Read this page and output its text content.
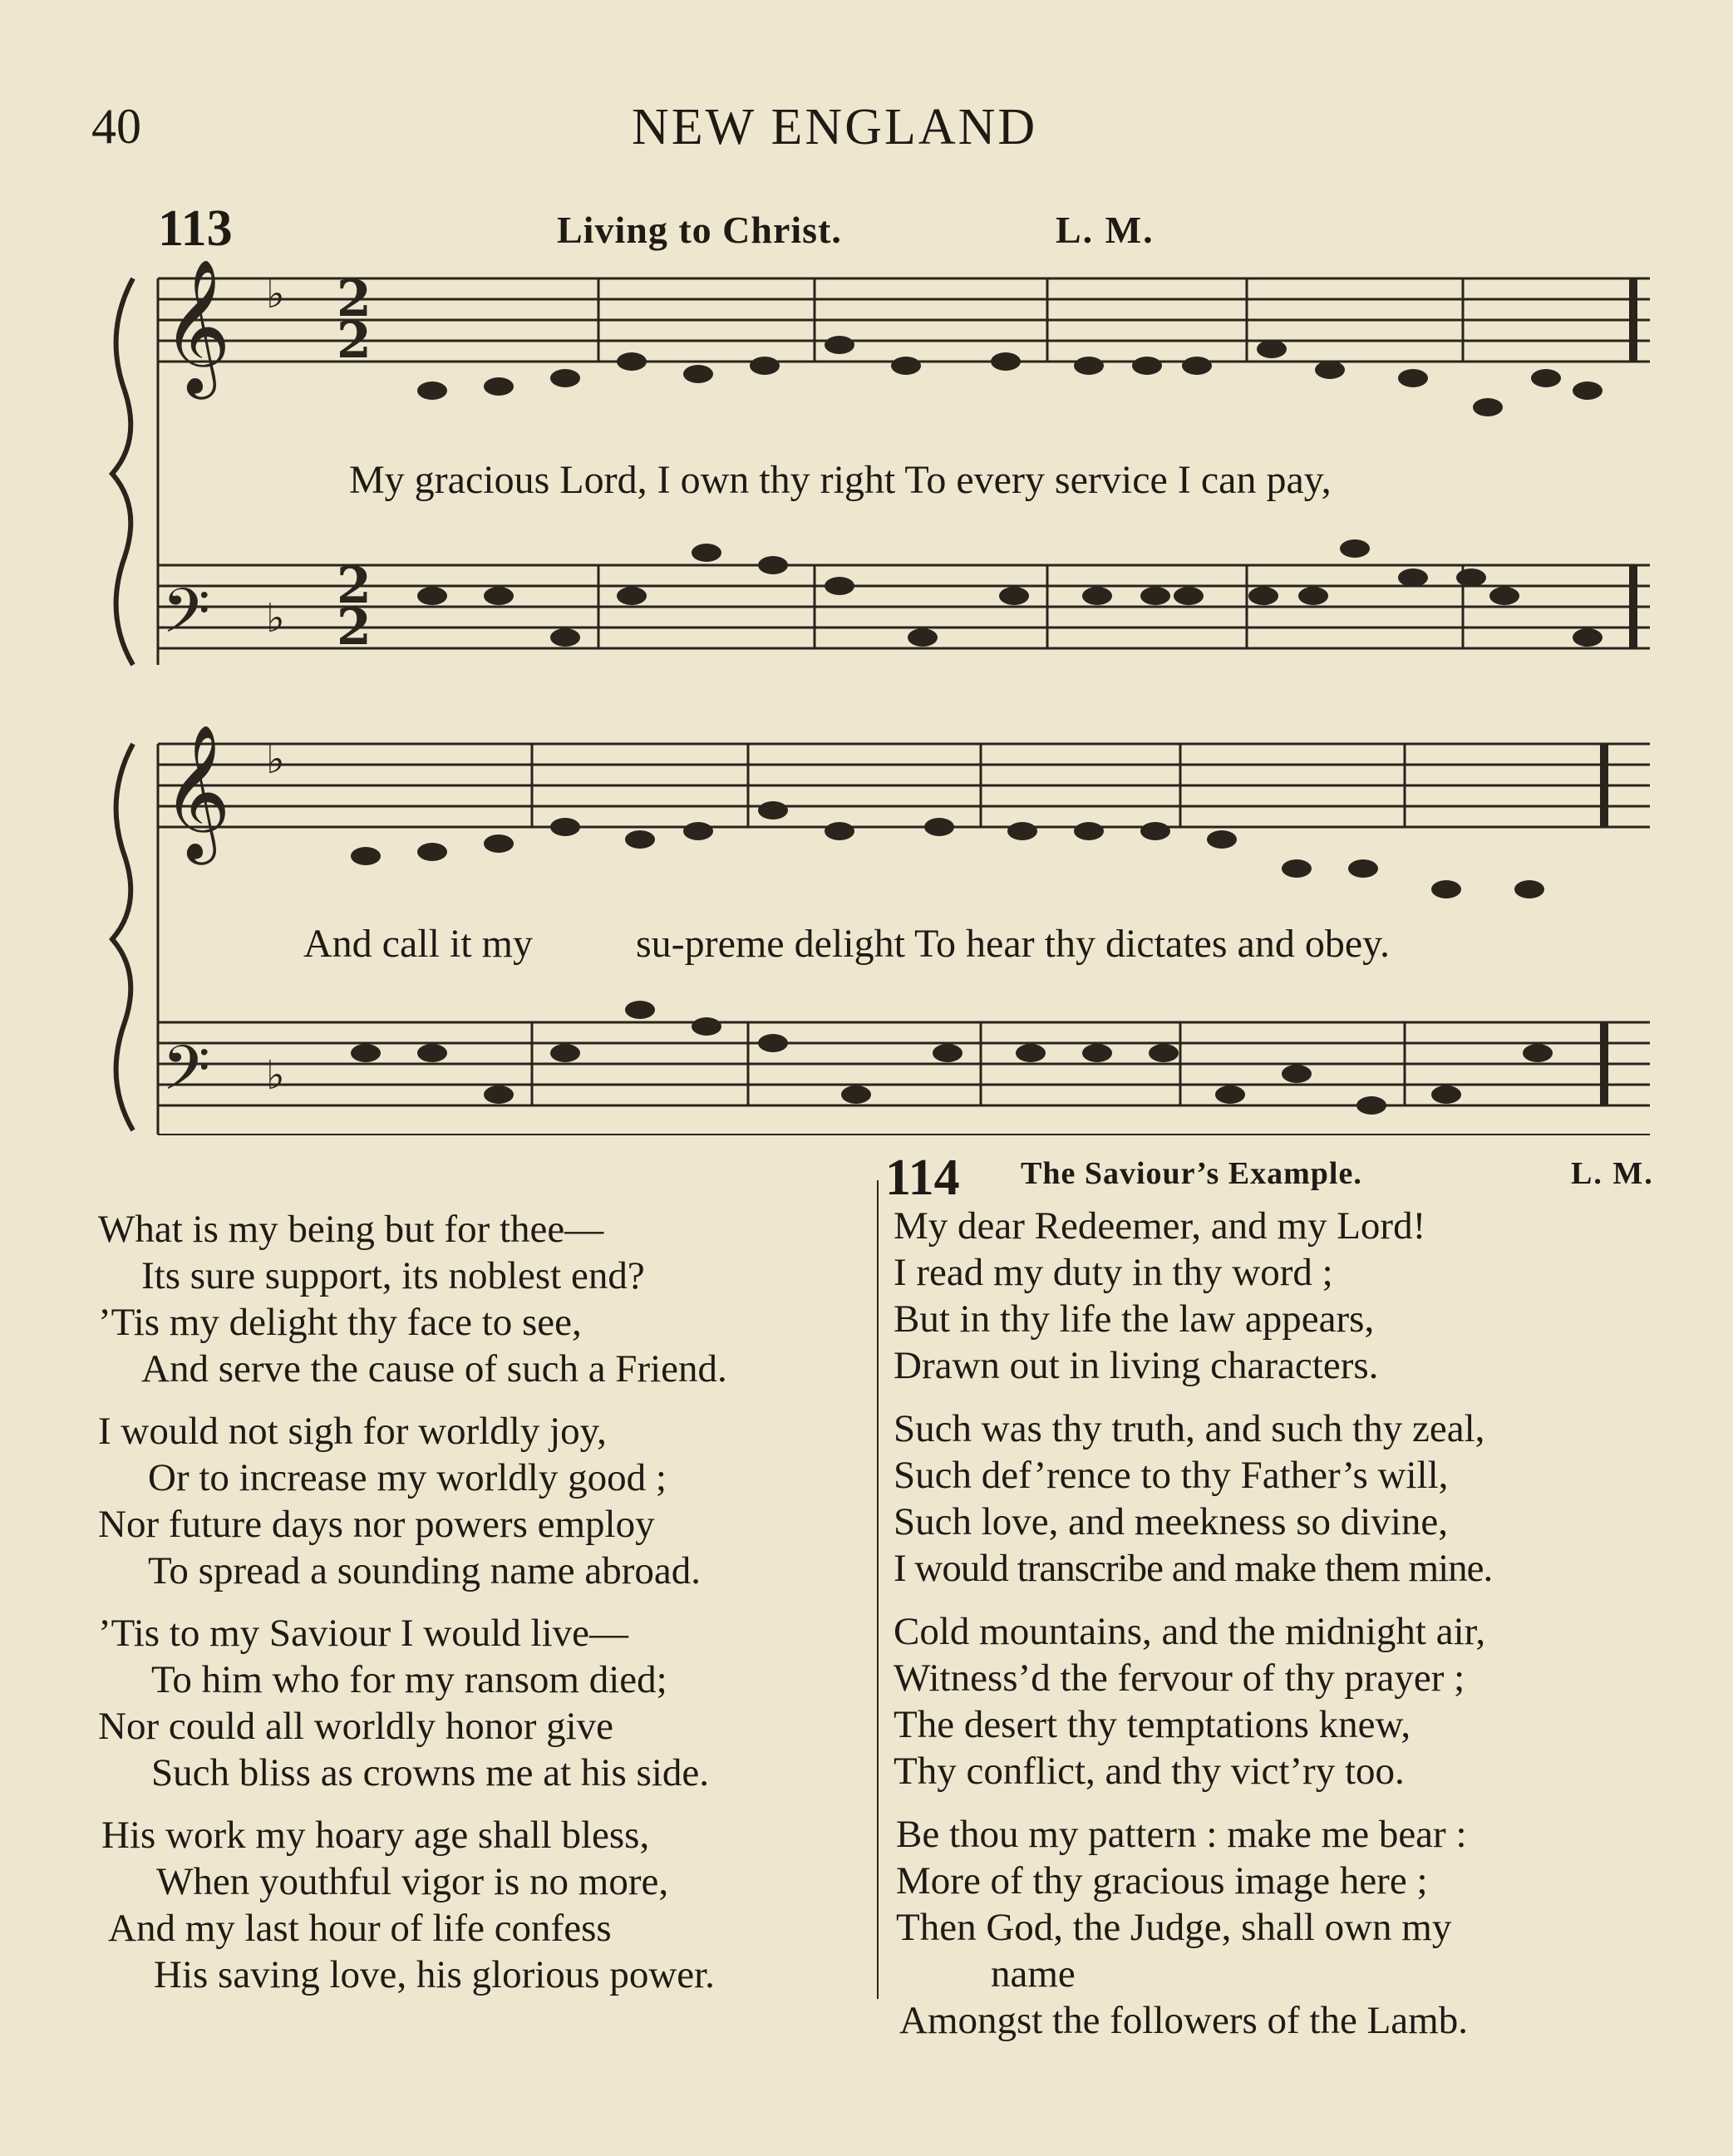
40	NEW ENGLAND
113	Living to Christ.	L. M.
𝄞
𝄢
𝄞
𝄢
♭
♭
♭
♭
2
2
2
2
My gracious Lord, I own thy right To every service I can pay,
And call it my	su-preme delight To hear thy dictates and obey.
114 The Saviour’s Example.	L. M.
What is my being but for thee—
Its sure support, its noblest end?
’Tis my delight thy face to see,
And serve the cause of such a Friend.
I would not sigh for worldly joy,
Or to increase my worldly good ;
Nor future days nor powers employ
To spread a sounding name abroad.
’Tis to my Saviour I would live—
To him who for my ransom died;
Nor could all worldly honor give
Such bliss as crowns me at his side.
His work my hoary age shall bless,
When youthful vigor is no more,
And my last hour of life confess
His saving love, his glorious power.
My dear Redeemer, and my Lord!
I read my duty in thy word ;
But in thy life the law appears,
Drawn out in living characters.
Such was thy truth, and such thy zeal,
Such def’rence to thy Father’s will,
Such love, and meekness so divine,
I would transcribe and make them mine.
Cold mountains, and the midnight air,
Witness’d the fervour of thy prayer ;
The desert thy temptations knew,
Thy conflict, and thy vict’ry too.
Be thou my pattern : make me bear :
More of thy gracious image here ;
Then God, the Judge, shall own my
name
Amongst the followers of the Lamb.
